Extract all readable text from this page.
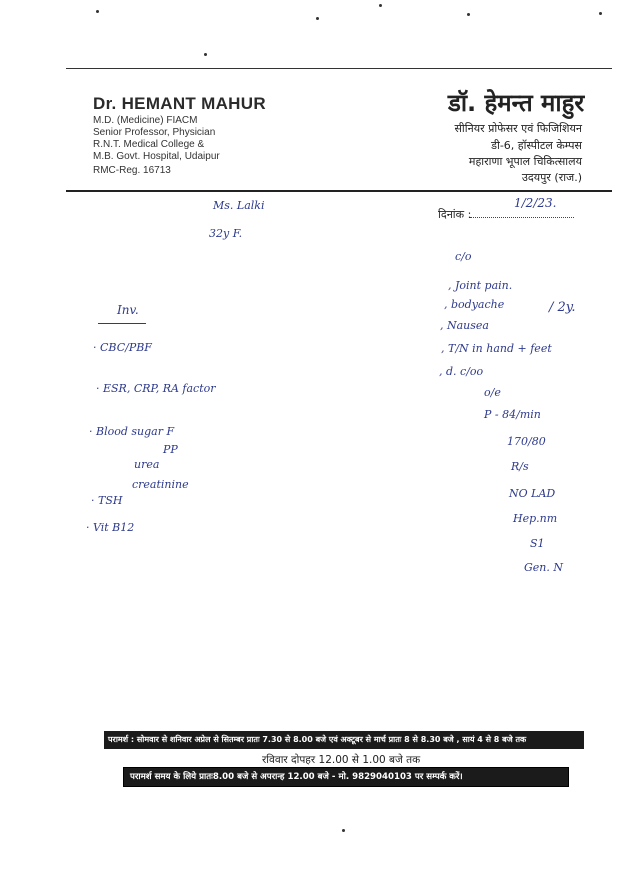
Dr. HEMANT MAHUR
M.D. (Medicine) FIACM
Senior Professor, Physician
R.N.T. Medical College &
M.B. Govt. Hospital, Udaipur
RMC-Reg. 16713
डॉ. हेमन्त माहुर
सीनियर प्रोफेसर एवं फिजिशियन
डी-6, हॉस्पीटल केम्पस
महाराणा भूपाल चिकित्सालय
उदयपुर (राज.)
दिनांक :
1/2/23.
Ms. Lalki
32y F.
c/o
, Joint pain.
, bodyache
, Nausea
, T/N in hand + feet
, d. c/oo
/ 2y.
o/e
P - 84/min
170/80
R/s
NO LAD
Hep.nm
S1
Gen. N
Inv.
· CBC/PBF
· ESR, CRP, RA factor
· Blood sugar F
PP
urea
creatinine
· TSH
· Vit B12
परामर्श : सोमवार से शनिवार अप्रेल से सितम्बर प्रातः 7.30 से 8.00 बजे एवं अक्टूबर से मार्च प्रातः 8 से 8.30 बजे , सायं 4 से 8 बजे तक
रविवार दोपहर 12.00 से 1.00 बजे तक
परामर्श समय के लिये प्रातः8.00 बजे से अपरान्ह 12.00 बजे - मो. 9829040103 पर सम्पर्क करें।
